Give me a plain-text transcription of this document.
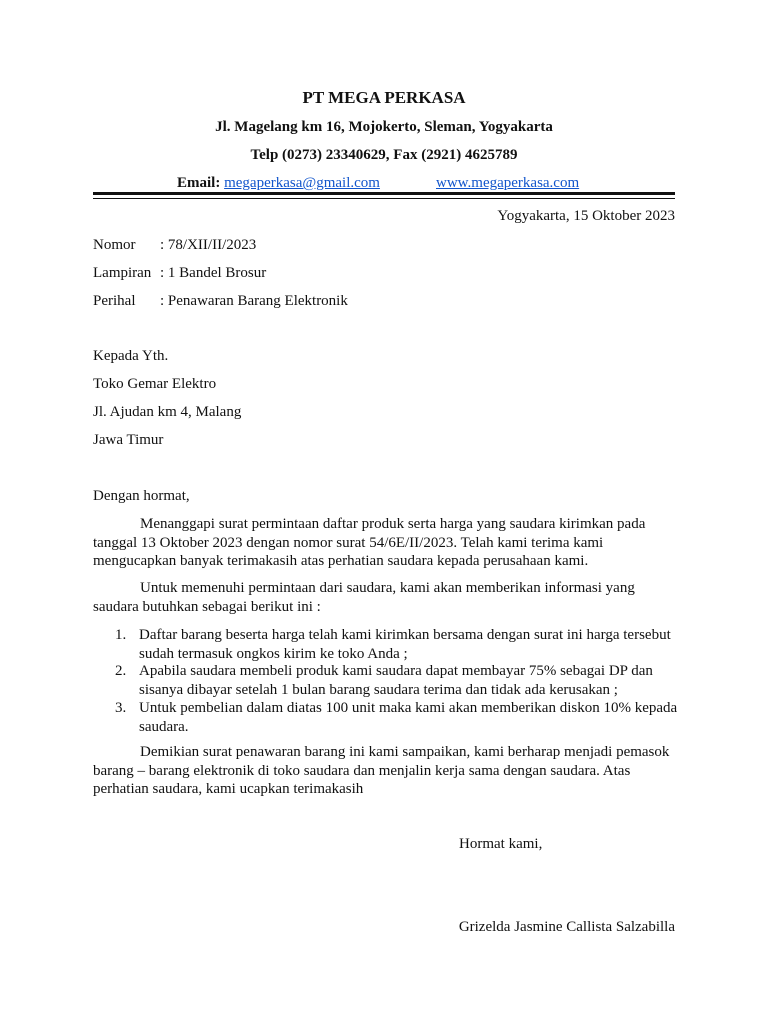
PT MEGA PERKASA
Jl. Magelang km 16, Mojokerto, Sleman, Yogyakarta
Telp (0273) 23340629, Fax (2921) 4625789
Email: megaperkasa@gmail.com	www.megaperkasa.com
Yogyakarta, 15 Oktober 2023
Nomor : 78/XII/II/2023
Lampiran : 1 Bandel Brosur
Perihal : Penawaran Barang Elektronik
Kepada Yth.
Toko Gemar Elektro
Jl. Ajudan km 4, Malang
Jawa Timur
Dengan hormat,
Menanggapi surat permintaan daftar produk serta harga yang saudara kirimkan pada tanggal 13 Oktober 2023 dengan nomor surat 54/6E/II/2023. Telah kami terima kami mengucapkan banyak terimakasih atas perhatian saudara kepada perusahaan kami.
Untuk memenuhi permintaan dari saudara, kami akan memberikan informasi yang saudara butuhkan sebagai berikut ini :
1. Daftar barang beserta harga telah kami kirimkan bersama dengan surat ini harga tersebut sudah termasuk ongkos kirim ke toko Anda ;
2. Apabila saudara membeli produk kami saudara dapat membayar 75% sebagai DP dan sisanya dibayar setelah 1 bulan barang saudara terima dan tidak ada kerusakan ;
3. Untuk pembelian dalam diatas 100 unit maka kami akan memberikan diskon 10% kepada saudara.
Demikian surat penawaran barang ini kami sampaikan, kami berharap menjadi pemasok barang – barang elektronik di toko saudara dan menjalin kerja sama dengan saudara. Atas perhatian saudara, kami ucapkan terimakasih
Hormat kami,
Grizelda Jasmine Callista Salzabilla
